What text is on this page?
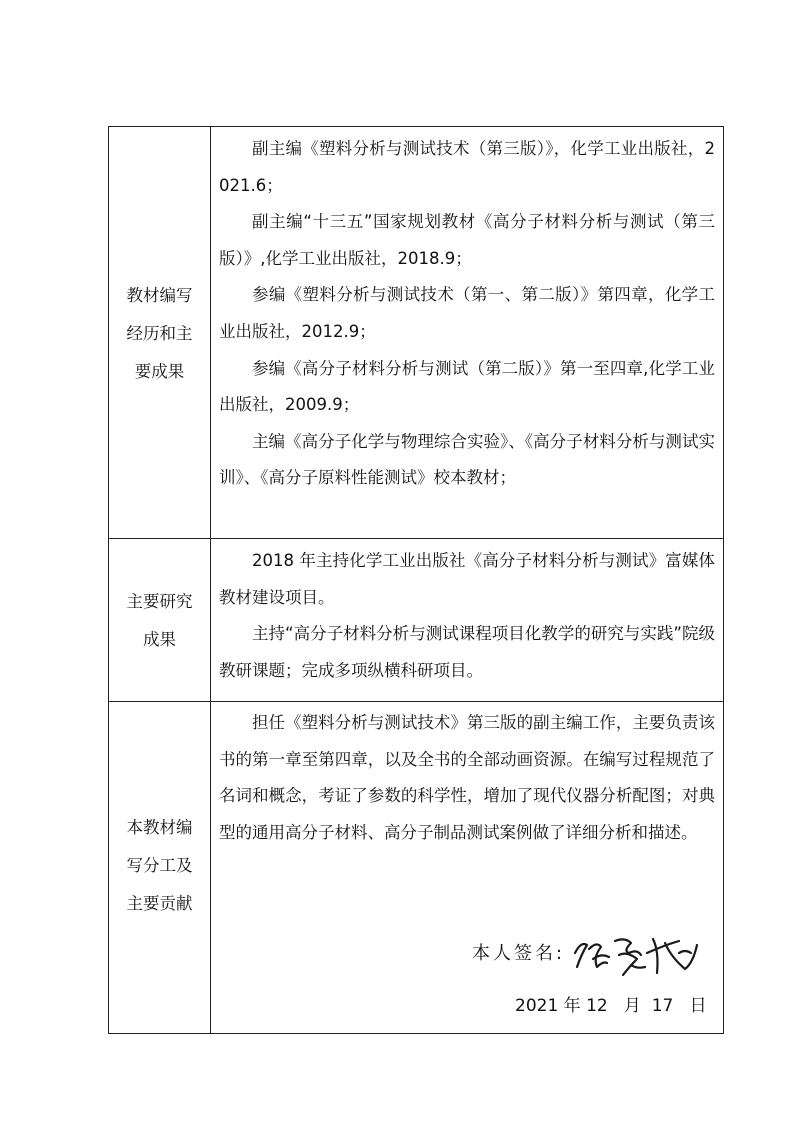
教材编写
经历和主
要成果

副主编《塑料分析与测试技术（第三版）》，化学工业出版社，2021.6；

副主编“十三五”国家规划教材《高分子材料分析与测试（第三版）》,化学工业出版社，2018.9；

参编《塑料分析与测试技术（第一、第二版）》第四章，化学工业出版社，2012.9；

参编《高分子材料分析与测试（第二版）》第一至四章,化学工业出版社，2009.9；

主编《高分子化学与物理综合实验》、《高分子材料分析与测试实训》、《高分子原料性能测试》校本教材；

主要研究
成果

2018 年主持化学工业出版社《高分子材料分析与测试》富媒体教材建设项目。

主持“高分子材料分析与测试课程项目化教学的研究与实践”院级教研课题；完成多项纵横科研项目。

本教材编
写分工及
主要贡献

担任《塑料分析与测试技术》第三版的副主编工作，主要负责该书的第一章至第四章，以及全书的全部动画资源。在编写过程规范了名词和概念，考证了参数的科学性，增加了现代仪器分析配图；对典型的通用高分子材料、高分子制品测试案例做了详细分析和描述。

本人签名:
2021 年 12   月  17   日
